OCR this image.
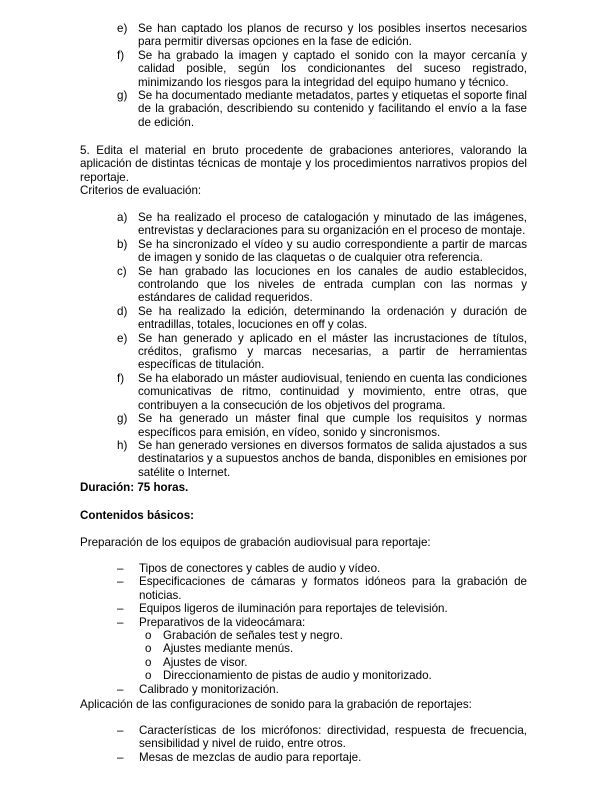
e) Se han captado los planos de recurso y los posibles insertos necesarios para permitir diversas opciones en la fase de edición.
f) Se ha grabado la imagen y captado el sonido con la mayor cercanía y calidad posible, según los condicionantes del suceso registrado, minimizando los riesgos para la integridad del equipo humano y técnico.
g) Se ha documentado mediante metadatos, partes y etiquetas el soporte final de la grabación, describiendo su contenido y facilitando el envío a la fase de edición.
5. Edita el material en bruto procedente de grabaciones anteriores, valorando la aplicación de distintas técnicas de montaje y los procedimientos narrativos propios del reportaje.
Criterios de evaluación:
a) Se ha realizado el proceso de catalogación y minutado de las imágenes, entrevistas y declaraciones para su organización en el proceso de montaje.
b) Se ha sincronizado el vídeo y su audio correspondiente a partir de marcas de imagen y sonido de las claquetas o de cualquier otra referencia.
c) Se han grabado las locuciones en los canales de audio establecidos, controlando que los niveles de entrada cumplan con las normas y estándares de calidad requeridos.
d) Se ha realizado la edición, determinando la ordenación y duración de entradillas, totales, locuciones en off y colas.
e) Se han generado y aplicado en el máster las incrustaciones de títulos, créditos, grafismo y marcas necesarias, a partir de herramientas específicas de titulación.
f) Se ha elaborado un máster audiovisual, teniendo en cuenta las condiciones comunicativas de ritmo, continuidad y movimiento, entre otras, que contribuyen a la consecución de los objetivos del programa.
g) Se ha generado un máster final que cumple los requisitos y normas específicos para emisión, en vídeo, sonido y sincronismos.
h) Se han generado versiones en diversos formatos de salida ajustados a sus destinatarios y a supuestos anchos de banda, disponibles en emisiones por satélite o Internet.
Duración: 75 horas.
Contenidos básicos:
Preparación de los equipos de grabación audiovisual para reportaje:
– Tipos de conectores y cables de audio y vídeo.
– Especificaciones de cámaras y formatos idóneos para la grabación de noticias.
– Equipos ligeros de iluminación para reportajes de televisión.
– Preparativos de la videocámara:
o Grabación de señales test y negro.
o Ajustes mediante menús.
o Ajustes de visor.
o Direccionamiento de pistas de audio y monitorizado.
– Calibrado y monitorización.
Aplicación de las configuraciones de sonido para la grabación de reportajes:
– Características de los micrófonos: directividad, respuesta de frecuencia, sensibilidad y nivel de ruido, entre otros.
– Mesas de mezclas de audio para reportaje.
